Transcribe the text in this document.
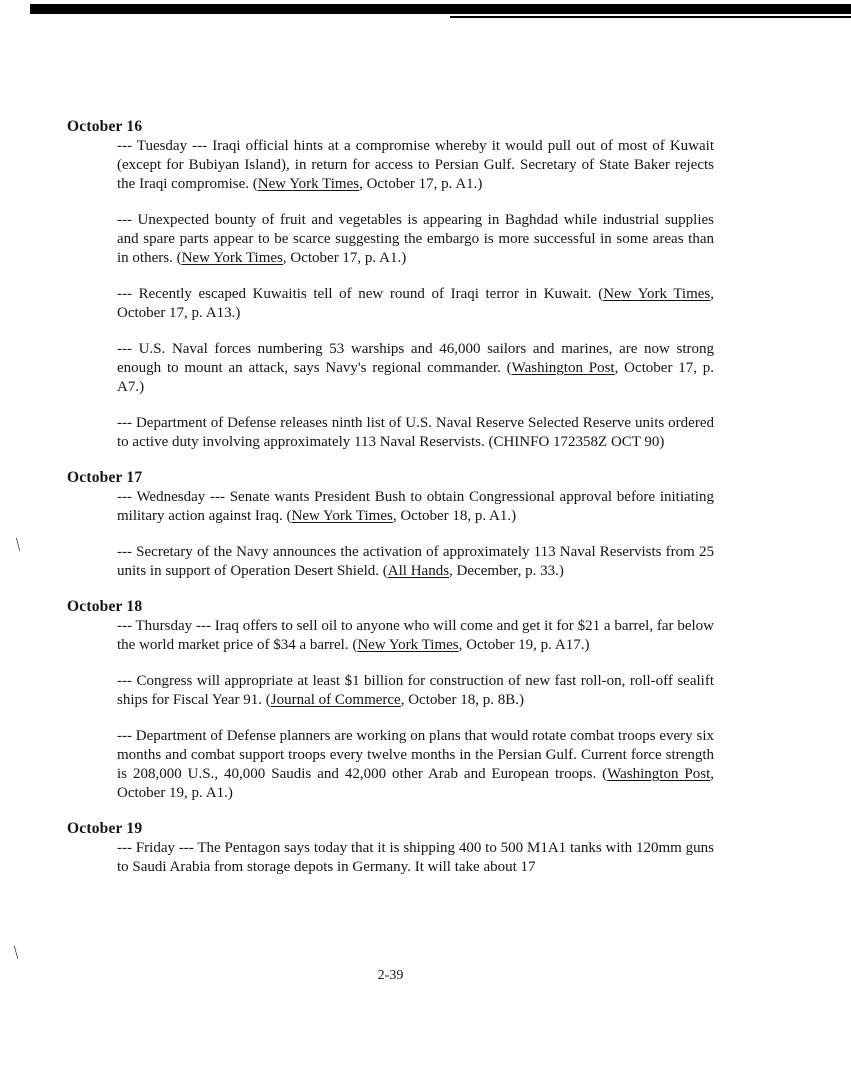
\
\
October 16

--- Tuesday --- Iraqi official hints at a compromise whereby it would pull out of most of Kuwait (except for Bubiyan Island), in return for access to Persian Gulf. Secretary of State Baker rejects the Iraqi compromise. (New York Times, October 17, p. A1.)

--- Unexpected bounty of fruit and vegetables is appearing in Baghdad while industrial supplies and spare parts appear to be scarce suggesting the embargo is more successful in some areas than in others. (New York Times, October 17, p. A1.)

--- Recently escaped Kuwaitis tell of new round of Iraqi terror in Kuwait. (New York Times, October 17, p. A13.)

--- U.S. Naval forces numbering 53 warships and 46,000 sailors and marines, are now strong enough to mount an attack, says Navy's regional commander. (Washington Post, October 17, p. A7.)

--- Department of Defense releases ninth list of U.S. Naval Reserve Selected Reserve units ordered to active duty involving approximately 113 Naval Reservists. (CHINFO 172358Z OCT 90)

October 17

--- Wednesday --- Senate wants President Bush to obtain Congressional approval before initiating military action against Iraq. (New York Times, October 18, p. A1.)

--- Secretary of the Navy announces the activation of approximately 113 Naval Reservists from 25 units in support of Operation Desert Shield. (All Hands, December, p. 33.)

October 18

--- Thursday --- Iraq offers to sell oil to anyone who will come and get it for $21 a barrel, far below the world market price of $34 a barrel. (New York Times, October 19, p. A17.)

--- Congress will appropriate at least $1 billion for construction of new fast roll-on, roll-off sealift ships for Fiscal Year 91. (Journal of Commerce, October 18, p. 8B.)

--- Department of Defense planners are working on plans that would rotate combat troops every six months and combat support troops every twelve months in the Persian Gulf. Current force strength is 208,000 U.S., 40,000 Saudis and 42,000 other Arab and European troops. (Washington Post, October 19, p. A1.)

October 19

--- Friday --- The Pentagon says today that it is shipping 400 to 500 M1A1 tanks with 120mm guns to Saudi Arabia from storage depots in Germany. It will take about 17

2-39
